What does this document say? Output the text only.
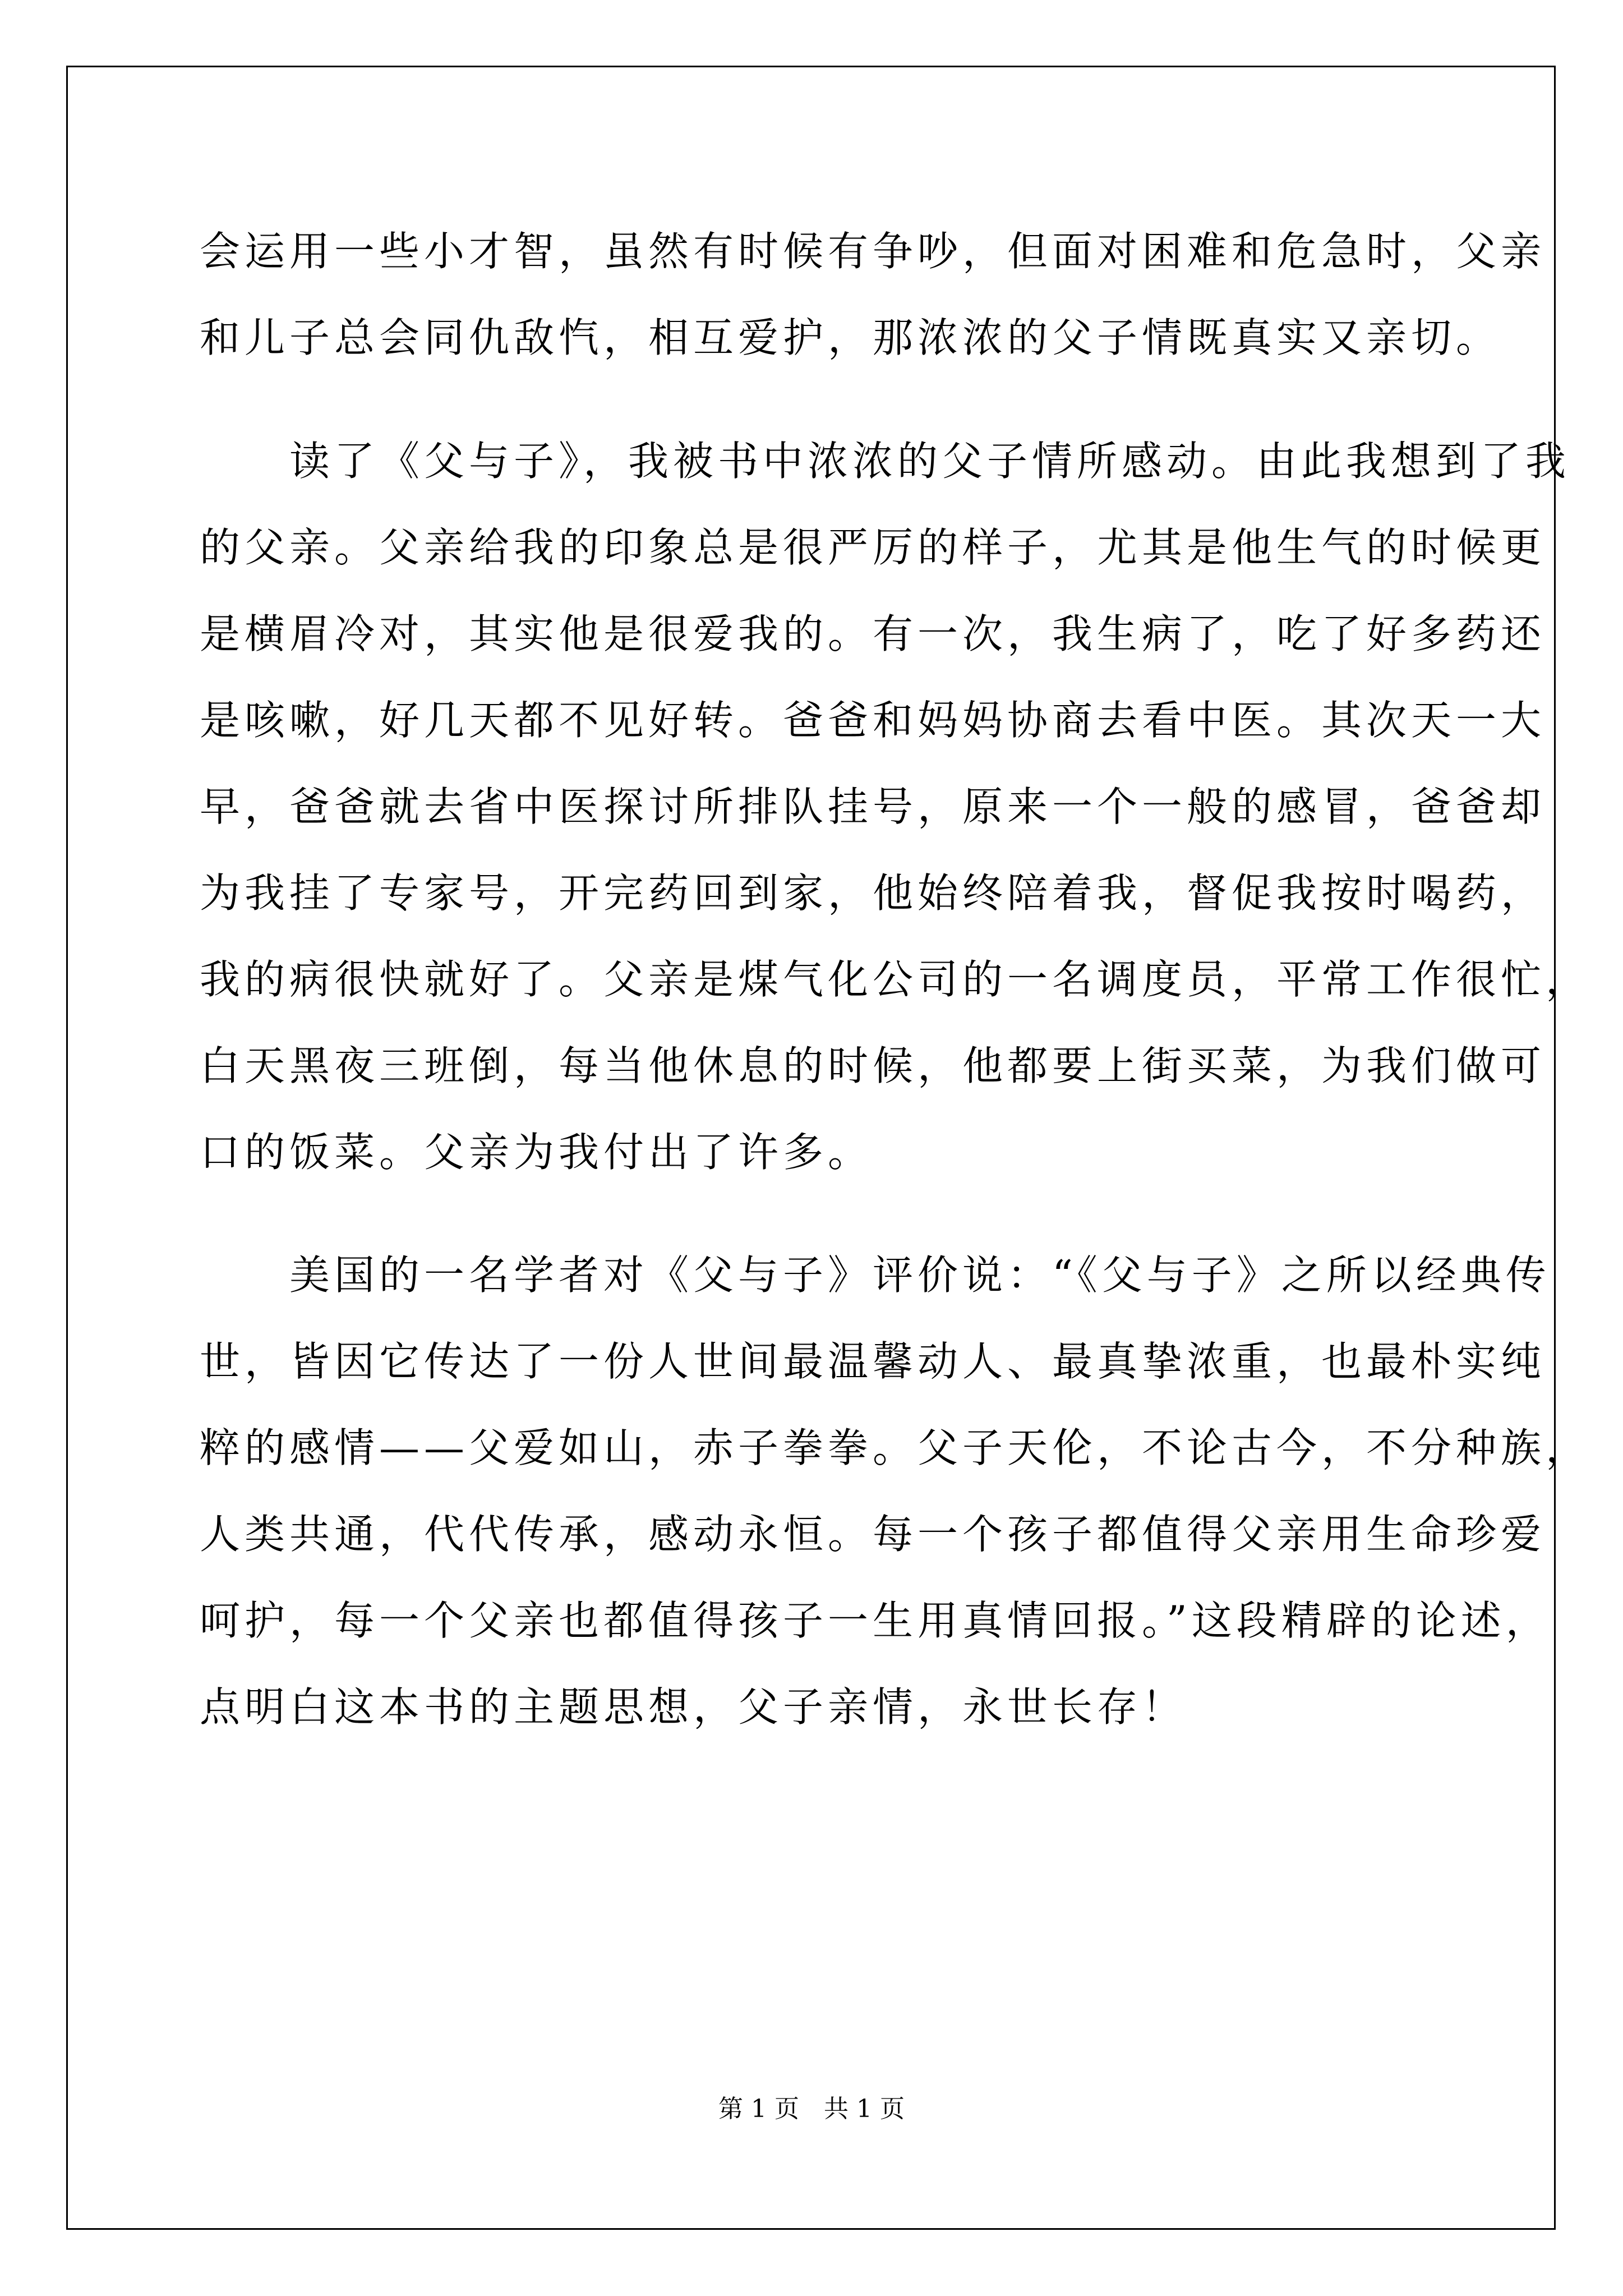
会运用一些小才智，虽然有时候有争吵，但面对困难和危急时，父亲
和儿子总会同仇敌忾，相互爱护，那浓浓的父子情既真实又亲切。
　　读了《父与子》，我被书中浓浓的父子情所感动。由此我想到了我
的父亲。父亲给我的印象总是很严厉的样子，尤其是他生气的时候更
是横眉冷对，其实他是很爱我的。有一次，我生病了，吃了好多药还
是咳嗽，好几天都不见好转。爸爸和妈妈协商去看中医。其次天一大
早，爸爸就去省中医探讨所排队挂号，原来一个一般的感冒，爸爸却
为我挂了专家号，开完药回到家，他始终陪着我，督促我按时喝药，
我的病很快就好了。父亲是煤气化公司的一名调度员，平常工作很忙，
白天黑夜三班倒，每当他休息的时候，他都要上街买菜，为我们做可
口的饭菜。父亲为我付出了许多。
　　美国的一名学者对《父与子》评价说：“《父与子》之所以经典传
世，皆因它传达了一份人世间最温馨动人、最真挚浓重，也最朴实纯
粹的感情——父爱如山，赤子拳拳。父子天伦，不论古今，不分种族，
人类共通，代代传承，感动永恒。每一个孩子都值得父亲用生命珍爱
呵护，每一个父亲也都值得孩子一生用真情回报。”这段精辟的论述，
点明白这本书的主题思想，父子亲情，永世长存！
第 1 页　共 1 页
